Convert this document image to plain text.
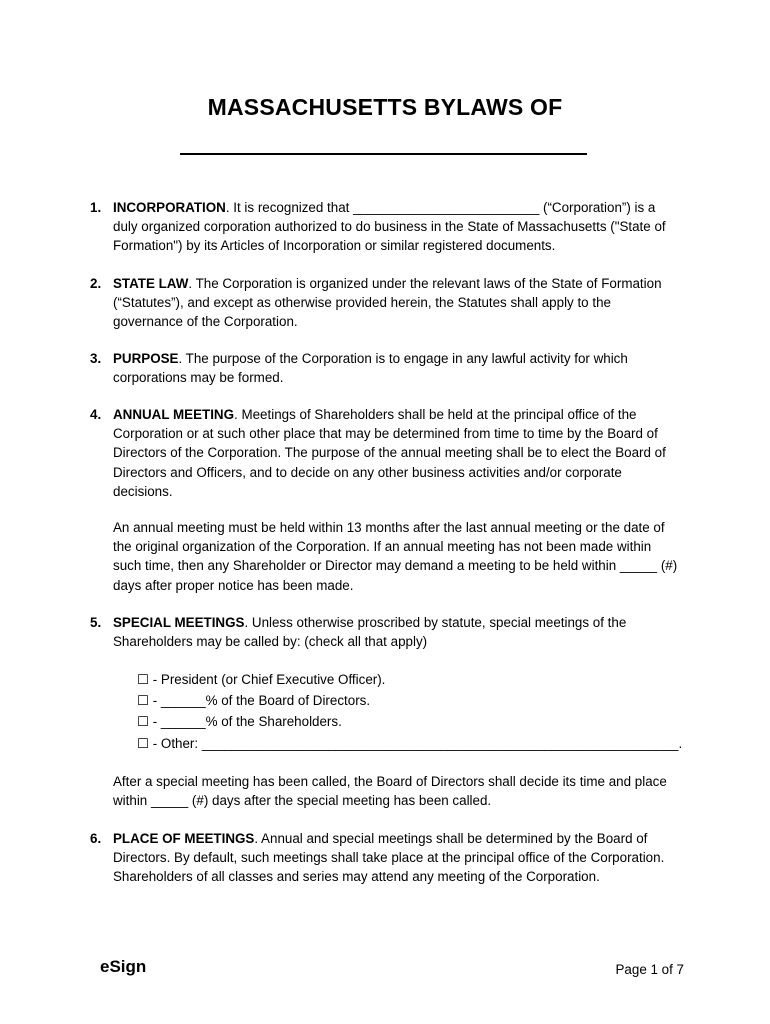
MASSACHUSETTS BYLAWS OF
1. INCORPORATION. It is recognized that _________________________ (“Corporation”) is a duly organized corporation authorized to do business in the State of Massachusetts ("State of Formation") by its Articles of Incorporation or similar registered documents.
2. STATE LAW. The Corporation is organized under the relevant laws of the State of Formation (“Statutes”), and except as otherwise provided herein, the Statutes shall apply to the governance of the Corporation.
3. PURPOSE. The purpose of the Corporation is to engage in any lawful activity for which corporations may be formed.
4. ANNUAL MEETING. Meetings of Shareholders shall be held at the principal office of the Corporation or at such other place that may be determined from time to time by the Board of Directors of the Corporation. The purpose of the annual meeting shall be to elect the Board of Directors and Officers, and to decide on any other business activities and/or corporate decisions.
An annual meeting must be held within 13 months after the last annual meeting or the date of the original organization of the Corporation. If an annual meeting has not been made within such time, then any Shareholder or Director may demand a meeting to be held within _____ (#) days after proper notice has been made.
5. SPECIAL MEETINGS. Unless otherwise proscribed by statute, special meetings of the Shareholders may be called by: (check all that apply)
☐ - President (or Chief Executive Officer).
☐ - ______% of the Board of Directors.
☐ - ______% of the Shareholders.
☐ - Other: ________________________________________________________________.
After a special meeting has been called, the Board of Directors shall decide its time and place within _____ (#) days after the special meeting has been called.
6. PLACE OF MEETINGS. Annual and special meetings shall be determined by the Board of Directors. By default, such meetings shall take place at the principal office of the Corporation. Shareholders of all classes and series may attend any meeting of the Corporation.
eSign	Page 1 of 7
